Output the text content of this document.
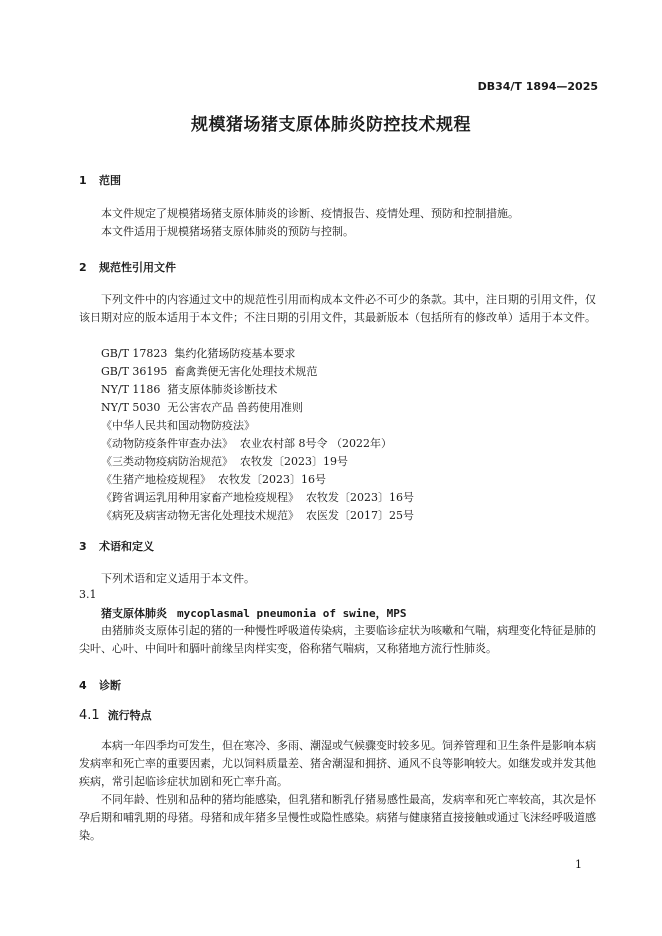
DB34/T 1894—2025
规模猪场猪支原体肺炎防控技术规程
1 范围

本文件规定了规模猪场猪支原体肺炎的诊断、疫情报告、疫情处理、预防和控制措施。

本文件适用于规模猪场猪支原体肺炎的预防与控制。

2 规范性引用文件

下列文件中的内容通过文中的规范性引用而构成本文件必不可少的条款。其中，注日期的引用文件，仅该日期对应的版本适用于本文件；不注日期的引用文件，其最新版本（包括所有的修改单）适用于本文件。

GB/T 17823  集约化猪场防疫基本要求
GB/T 36195  畜禽粪便无害化处理技术规范
NY/T 1186  猪支原体肺炎诊断技术
NY/T 5030  无公害农产品 兽药使用准则
《中华人民共和国动物防疫法》
《动物防疫条件审查办法》  农业农村部 8号令 （2022年）
《三类动物疫病防治规范》  农牧发〔2023〕19号
《生猪产地检疫规程》  农牧发〔2023〕16号
《跨省调运乳用种用家畜产地检疫规程》  农牧发〔2023〕16号
《病死及病害动物无害化处理技术规范》  农医发〔2017〕25号
3 术语和定义

下列术语和定义适用于本文件。

3.1
猪支原体肺炎 mycoplasmal pneumonia of swine，MPS

由猪肺炎支原体引起的猪的一种慢性呼吸道传染病，主要临诊症状为咳嗽和气喘，病理变化特征是肺的尖叶、心叶、中间叶和膈叶前缘呈肉样实变，俗称猪气喘病，又称猪地方流行性肺炎。

4 诊断
4.1 流行特点

本病一年四季均可发生，但在寒冷、多雨、潮湿或气候骤变时较多见。饲养管理和卫生条件是影响本病发病率和死亡率的重要因素，尤以饲料质量差、猪舍潮湿和拥挤、通风不良等影响较大。如继发或并发其他疾病，常引起临诊症状加剧和死亡率升高。

不同年龄、性别和品种的猪均能感染，但乳猪和断乳仔猪易感性最高，发病率和死亡率较高，其次是怀孕后期和哺乳期的母猪。母猪和成年猪多呈慢性或隐性感染。病猪与健康猪直接接触或通过飞沫经呼吸道感染。

1
